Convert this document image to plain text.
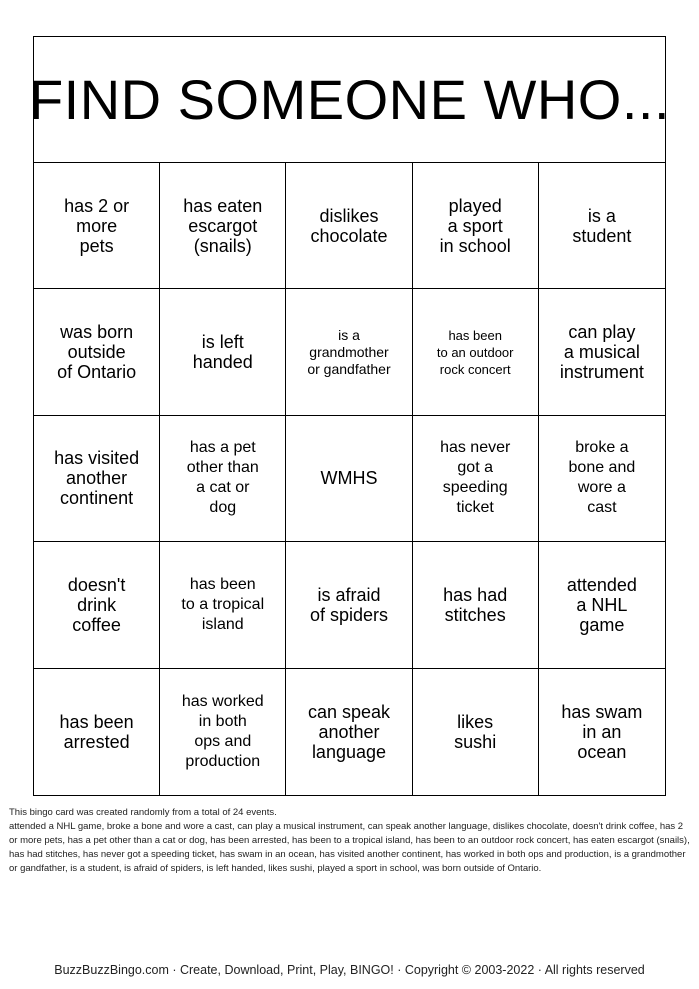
FIND SOMEONE WHO...
has 2 or
more
pets
has eaten
escargot
(snails)
dislikes
chocolate
played
a sport
in school
is a
student
was born
outside
of Ontario
is left
handed
is a
grandmother
or gandfather
has been
to an outdoor
rock concert
can play
a musical
instrument
has visited
another
continent
has a pet
other than
a cat or
dog
WMHS
has never
got a
speeding
ticket
broke a
bone and
wore a
cast
doesn't
drink
coffee
has been
to a tropical
island
is afraid
of spiders
has had
stitches
attended
a NHL
game
has been
arrested
has worked
in both
ops and
production
can speak
another
language
likes
sushi
has swam
in an
ocean

This bingo card was created randomly from a total of 24 events.

attended a NHL game, broke a bone and wore a cast, can play a musical instrument, can speak another language, dislikes chocolate, doesn't drink coffee, has 2 or more pets, has a pet other than a cat or dog, has been arrested, has been to a tropical island, has been to an outdoor rock concert, has eaten escargot (snails), has had stitches, has never got a speeding ticket, has swam in an ocean, has visited another continent, has worked in both ops and production, is a grandmother or gandfather, is a student, is afraid of spiders, is left handed, likes sushi, played a sport in school, was born outside of Ontario.

BuzzBuzzBingo.com · Create, Download, Print, Play, BINGO! · Copyright © 2003-2022 · All rights reserved
